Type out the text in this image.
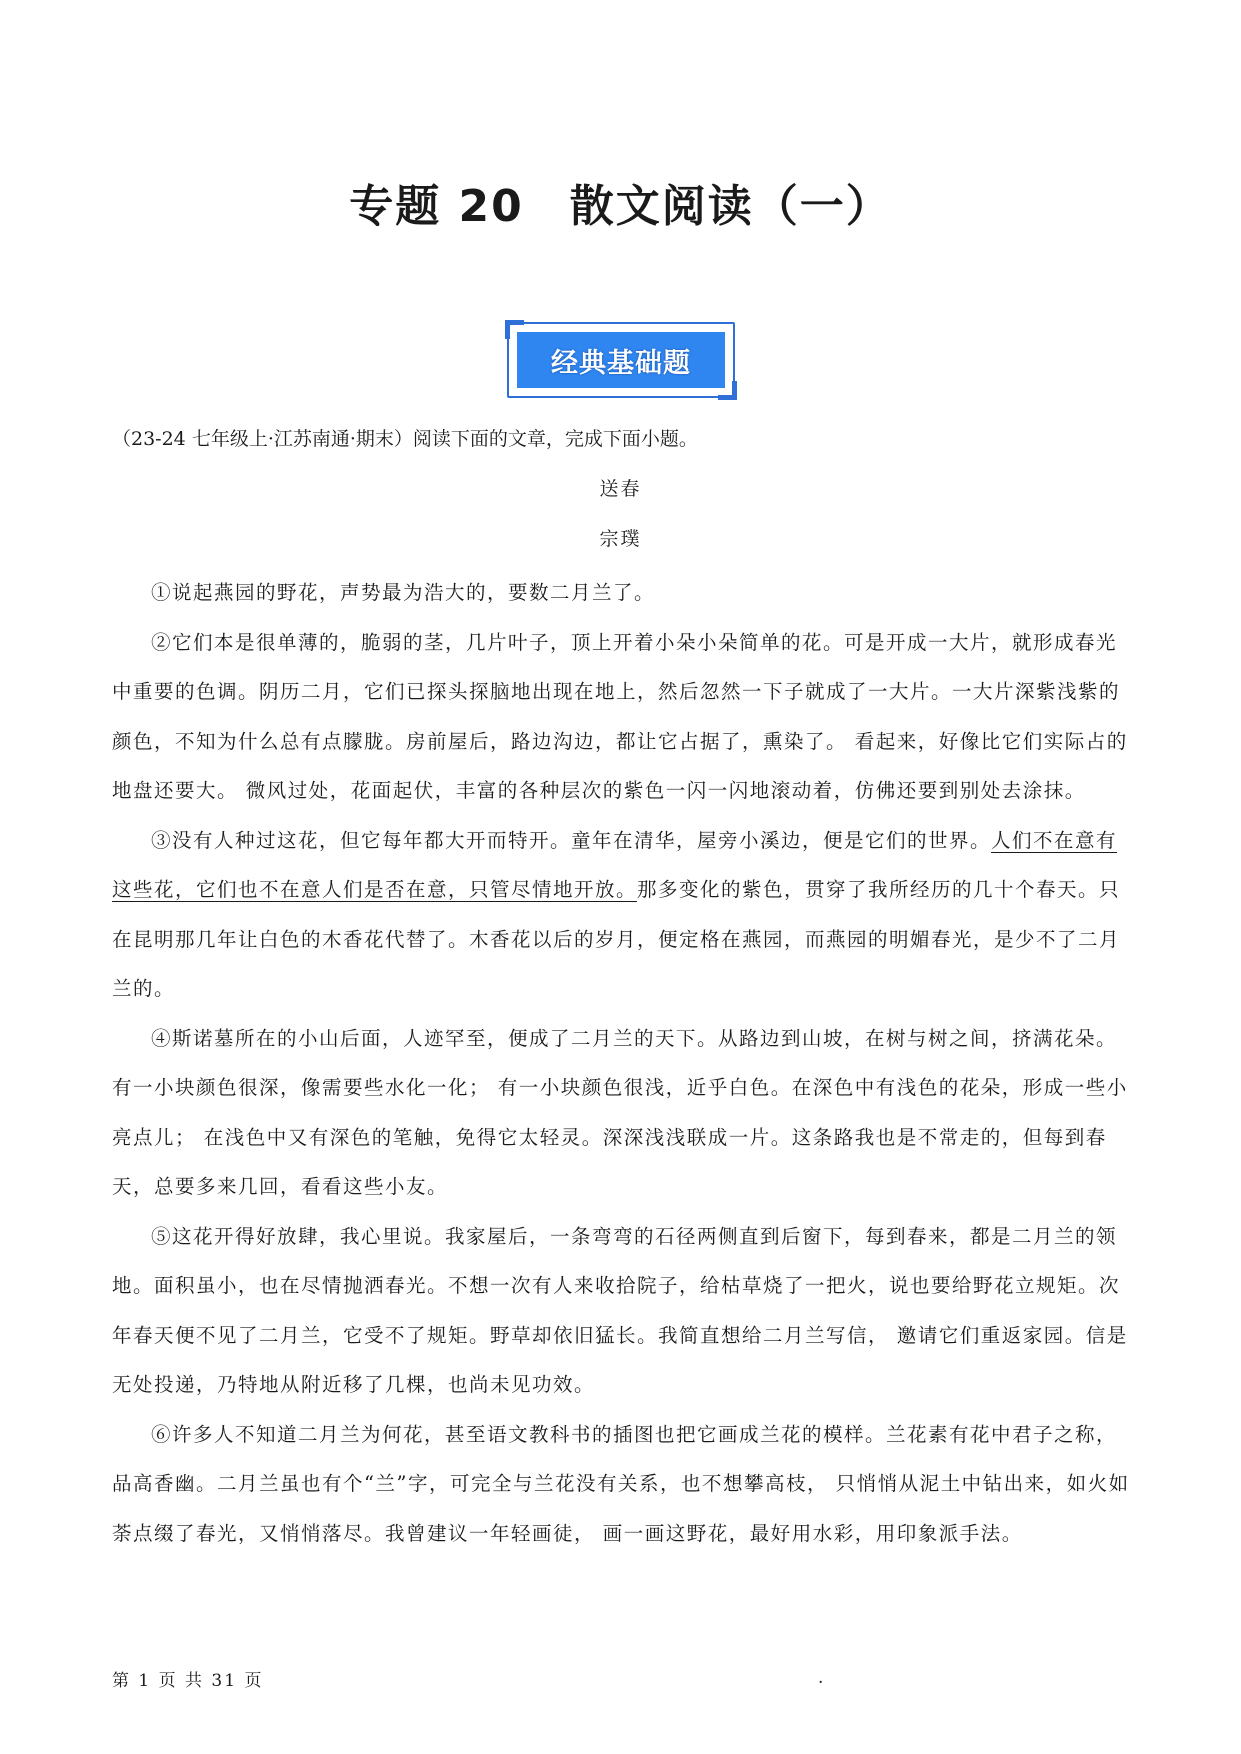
专题 20　散文阅读（一）
经典基础题
（23-24 七年级上·江苏南通·期末）阅读下面的文章，完成下面小题。
送春
宗璞

①说起燕园的野花，声势最为浩大的，要数二月兰了。

②它们本是很单薄的，脆弱的茎，几片叶子，顶上开着小朵小朵简单的花。可是开成一大片，就形成春光中重要的色调。阴历二月，它们已探头探脑地出现在地上，然后忽然一下子就成了一大片。一大片深紫浅紫的颜色，不知为什么总有点朦胧。房前屋后，路边沟边，都让它占据了，熏染了。 看起来，好像比它们实际占的地盘还要大。 微风过处，花面起伏，丰富的各种层次的紫色一闪一闪地滚动着，仿佛还要到别处去涂抹。

③没有人种过这花，但它每年都大开而特开。童年在清华，屋旁小溪边，便是它们的世界。人们不在意有这些花，它们也不在意人们是否在意，只管尽情地开放。那多变化的紫色，贯穿了我所经历的几十个春天。只在昆明那几年让白色的木香花代替了。木香花以后的岁月，便定格在燕园，而燕园的明媚春光，是少不了二月兰的。

④斯诺墓所在的小山后面，人迹罕至，便成了二月兰的天下。从路边到山坡，在树与树之间，挤满花朵。 有一小块颜色很深，像需要些水化一化； 有一小块颜色很浅，近乎白色。在深色中有浅色的花朵，形成一些小亮点儿； 在浅色中又有深色的笔触，免得它太轻灵。深深浅浅联成一片。这条路我也是不常走的，但每到春天，总要多来几回，看看这些小友。

⑤这花开得好放肆，我心里说。我家屋后，一条弯弯的石径两侧直到后窗下，每到春来，都是二月兰的领地。面积虽小，也在尽情抛洒春光。不想一次有人来收拾院子，给枯草烧了一把火，说也要给野花立规矩。次年春天便不见了二月兰，它受不了规矩。野草却依旧猛长。我简直想给二月兰写信， 邀请它们重返家园。信是无处投递，乃特地从附近移了几棵，也尚未见功效。

⑥许多人不知道二月兰为何花，甚至语文教科书的插图也把它画成兰花的模样。兰花素有花中君子之称，品高香幽。二月兰虽也有个“兰”字，可完全与兰花没有关系，也不想攀高枝， 只悄悄从泥土中钻出来，如火如荼点缀了春光，又悄悄落尽。我曾建议一年轻画徒， 画一画这野花，最好用水彩，用印象派手法。

第 1 页 共 31 页	.
